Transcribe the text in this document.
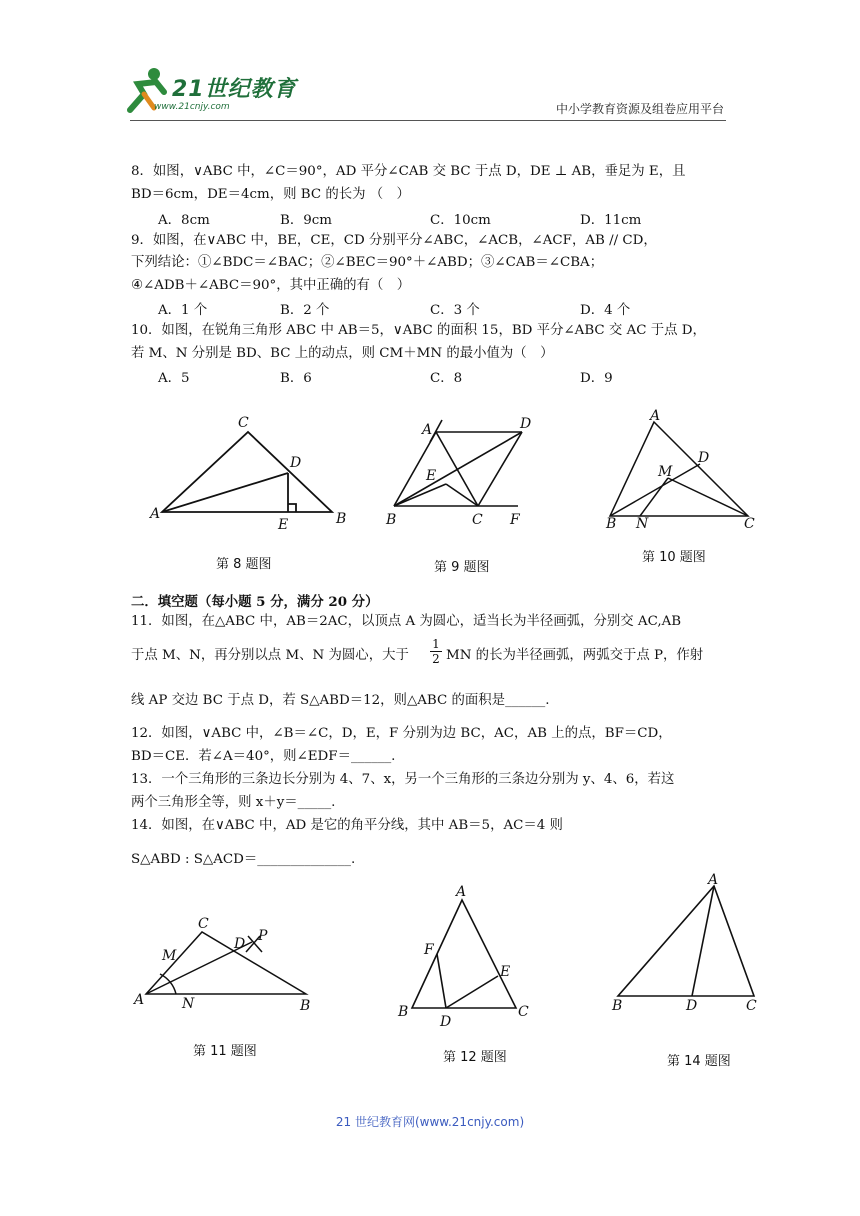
21世纪教育
www.21cnjy.com	中小学教育资源及组卷应用平台
8．如图，∨ABC 中，∠C＝90°，AD 平分∠CAB 交 BC 于点 D，DE ⊥ AB，垂足为 E，且
BD＝6cm，DE＝4cm，则 BC 的长为 （　）
A．8cm	B．9cm	C．10cm	D．11cm
9．如图，在∨ABC 中，BE，CE，CD 分别平分∠ABC，∠ACB，∠ACF，AB // CD，
下列结论：①∠BDC＝∠BAC；②∠BEC＝90°＋∠ABD；③∠CAB＝∠CBA；
④∠ADB＋∠ABC＝90°，其中正确的有（　）
A．1 个	B．2 个	C．3 个	D．4 个
10．如图，在锐角三角形 ABC 中 AB＝5，∨ABC 的面积 15，BD 平分∠ABC 交 AC 于点 D，
若 M、N 分别是 BD、BC 上的动点，则 CM＋MN 的最小值为（　）
A．5	B．6	C．8	D．9
A	B
C
D
E
第 8 题图
A
B	C
D
E
F
第 9 题图
A
B	C
D
M
N
第 10 题图
二．填空题（每小题 5 分，满分 20 分）
11．如图，在△ABC 中，AB＝2AC，以顶点 A 为圆心，适当长为半径画弧，分别交 AC,AB
于点 M、N，再分别以点 M、N 为圆心，大于 $\frac{1}{2}$ MN 的长为半径画弧，两弧交于点 P，作射
线 AP 交边 BC 于点 D，若 S△ABD＝12，则△ABC 的面积是______.
12．如图，∨ABC 中，∠B＝∠C，D，E，F 分别为边 BC，AC，AB 上的点，BF＝CD，
BD＝CE．若∠A＝40°，则∠EDF＝______.
13．一个三角形的三条边长分别为 4、7、x，另一个三角形的三条边分别为 y、4、6，若这
两个三角形全等，则 x＋y＝_____.
14．如图，在∨ABC 中，AD 是它的角平分线，其中 AB＝5，AC＝4 则
S△ABD : S△ACD＝______________.
A	B
C
D
M
N
P
第 11 题图
A
B	C
D
E
F
第 12 题图
A
B	C
D
第 14 题图
21 世纪教育网(www.21cnjy.com)
